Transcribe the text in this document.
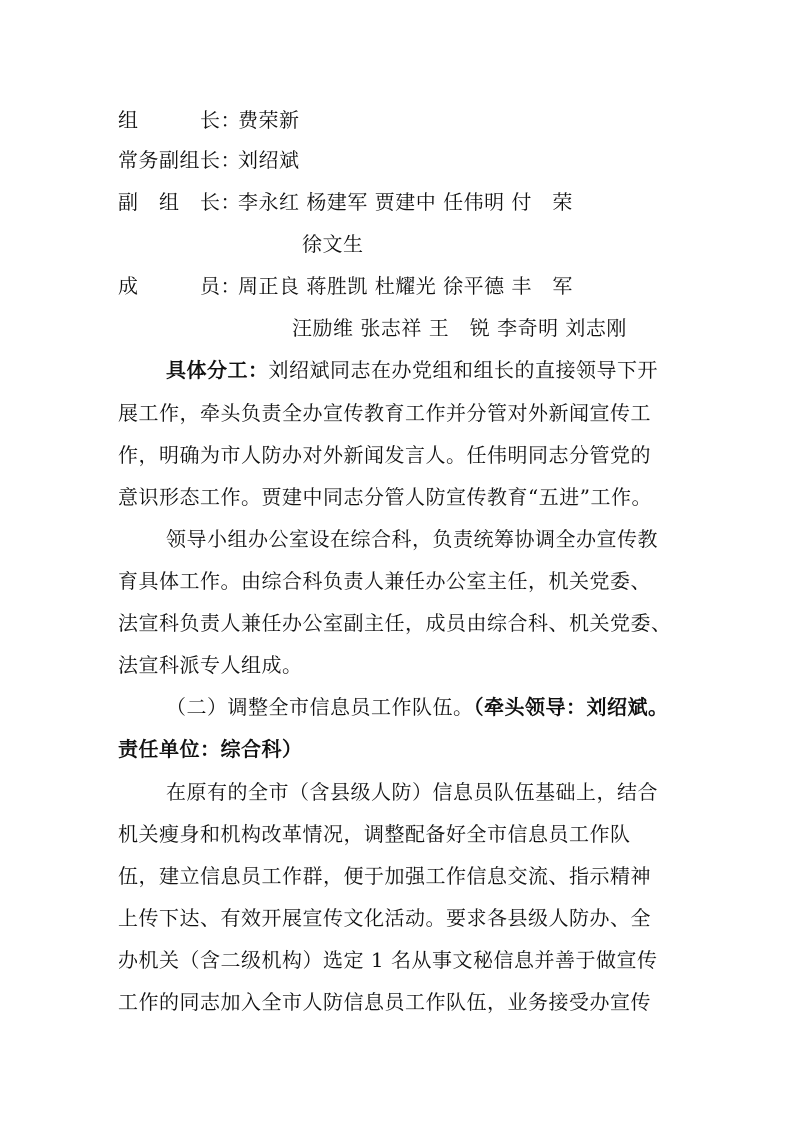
组　　　长：
费荣新
常务副组长：
刘绍斌
副　组　长：
李永红 杨建军 贾建中 任伟明 付　荣
徐文生
成　　　员：
周正良 蒋胜凯 杜耀光 徐平德 丰　军
汪励维 张志祥 王　锐 李奇明 刘志刚
具体分工：刘绍斌同志在办党组和组长的直接领导下开
展工作，牵头负责全办宣传教育工作并分管对外新闻宣传工
作，明确为市人防办对外新闻发言人。任伟明同志分管党的
意识形态工作。贾建中同志分管人防宣传教育“五进”工作。
领导小组办公室设在综合科，负责统筹协调全办宣传教
育具体工作。由综合科负责人兼任办公室主任，机关党委、
法宣科负责人兼任办公室副主任，成员由综合科、机关党委、
法宣科派专人组成。
（二）调整全市信息员工作队伍。（牵头领导：刘绍斌。
责任单位：综合科）
在原有的全市（含县级人防）信息员队伍基础上，结合
机关瘦身和机构改革情况，调整配备好全市信息员工作队
伍，建立信息员工作群，便于加强工作信息交流、指示精神
上传下达、有效开展宣传文化活动。要求各县级人防办、全
办机关（含二级机构）选定 1 名从事文秘信息并善于做宣传
工作的同志加入全市人防信息员工作队伍，业务接受办宣传
